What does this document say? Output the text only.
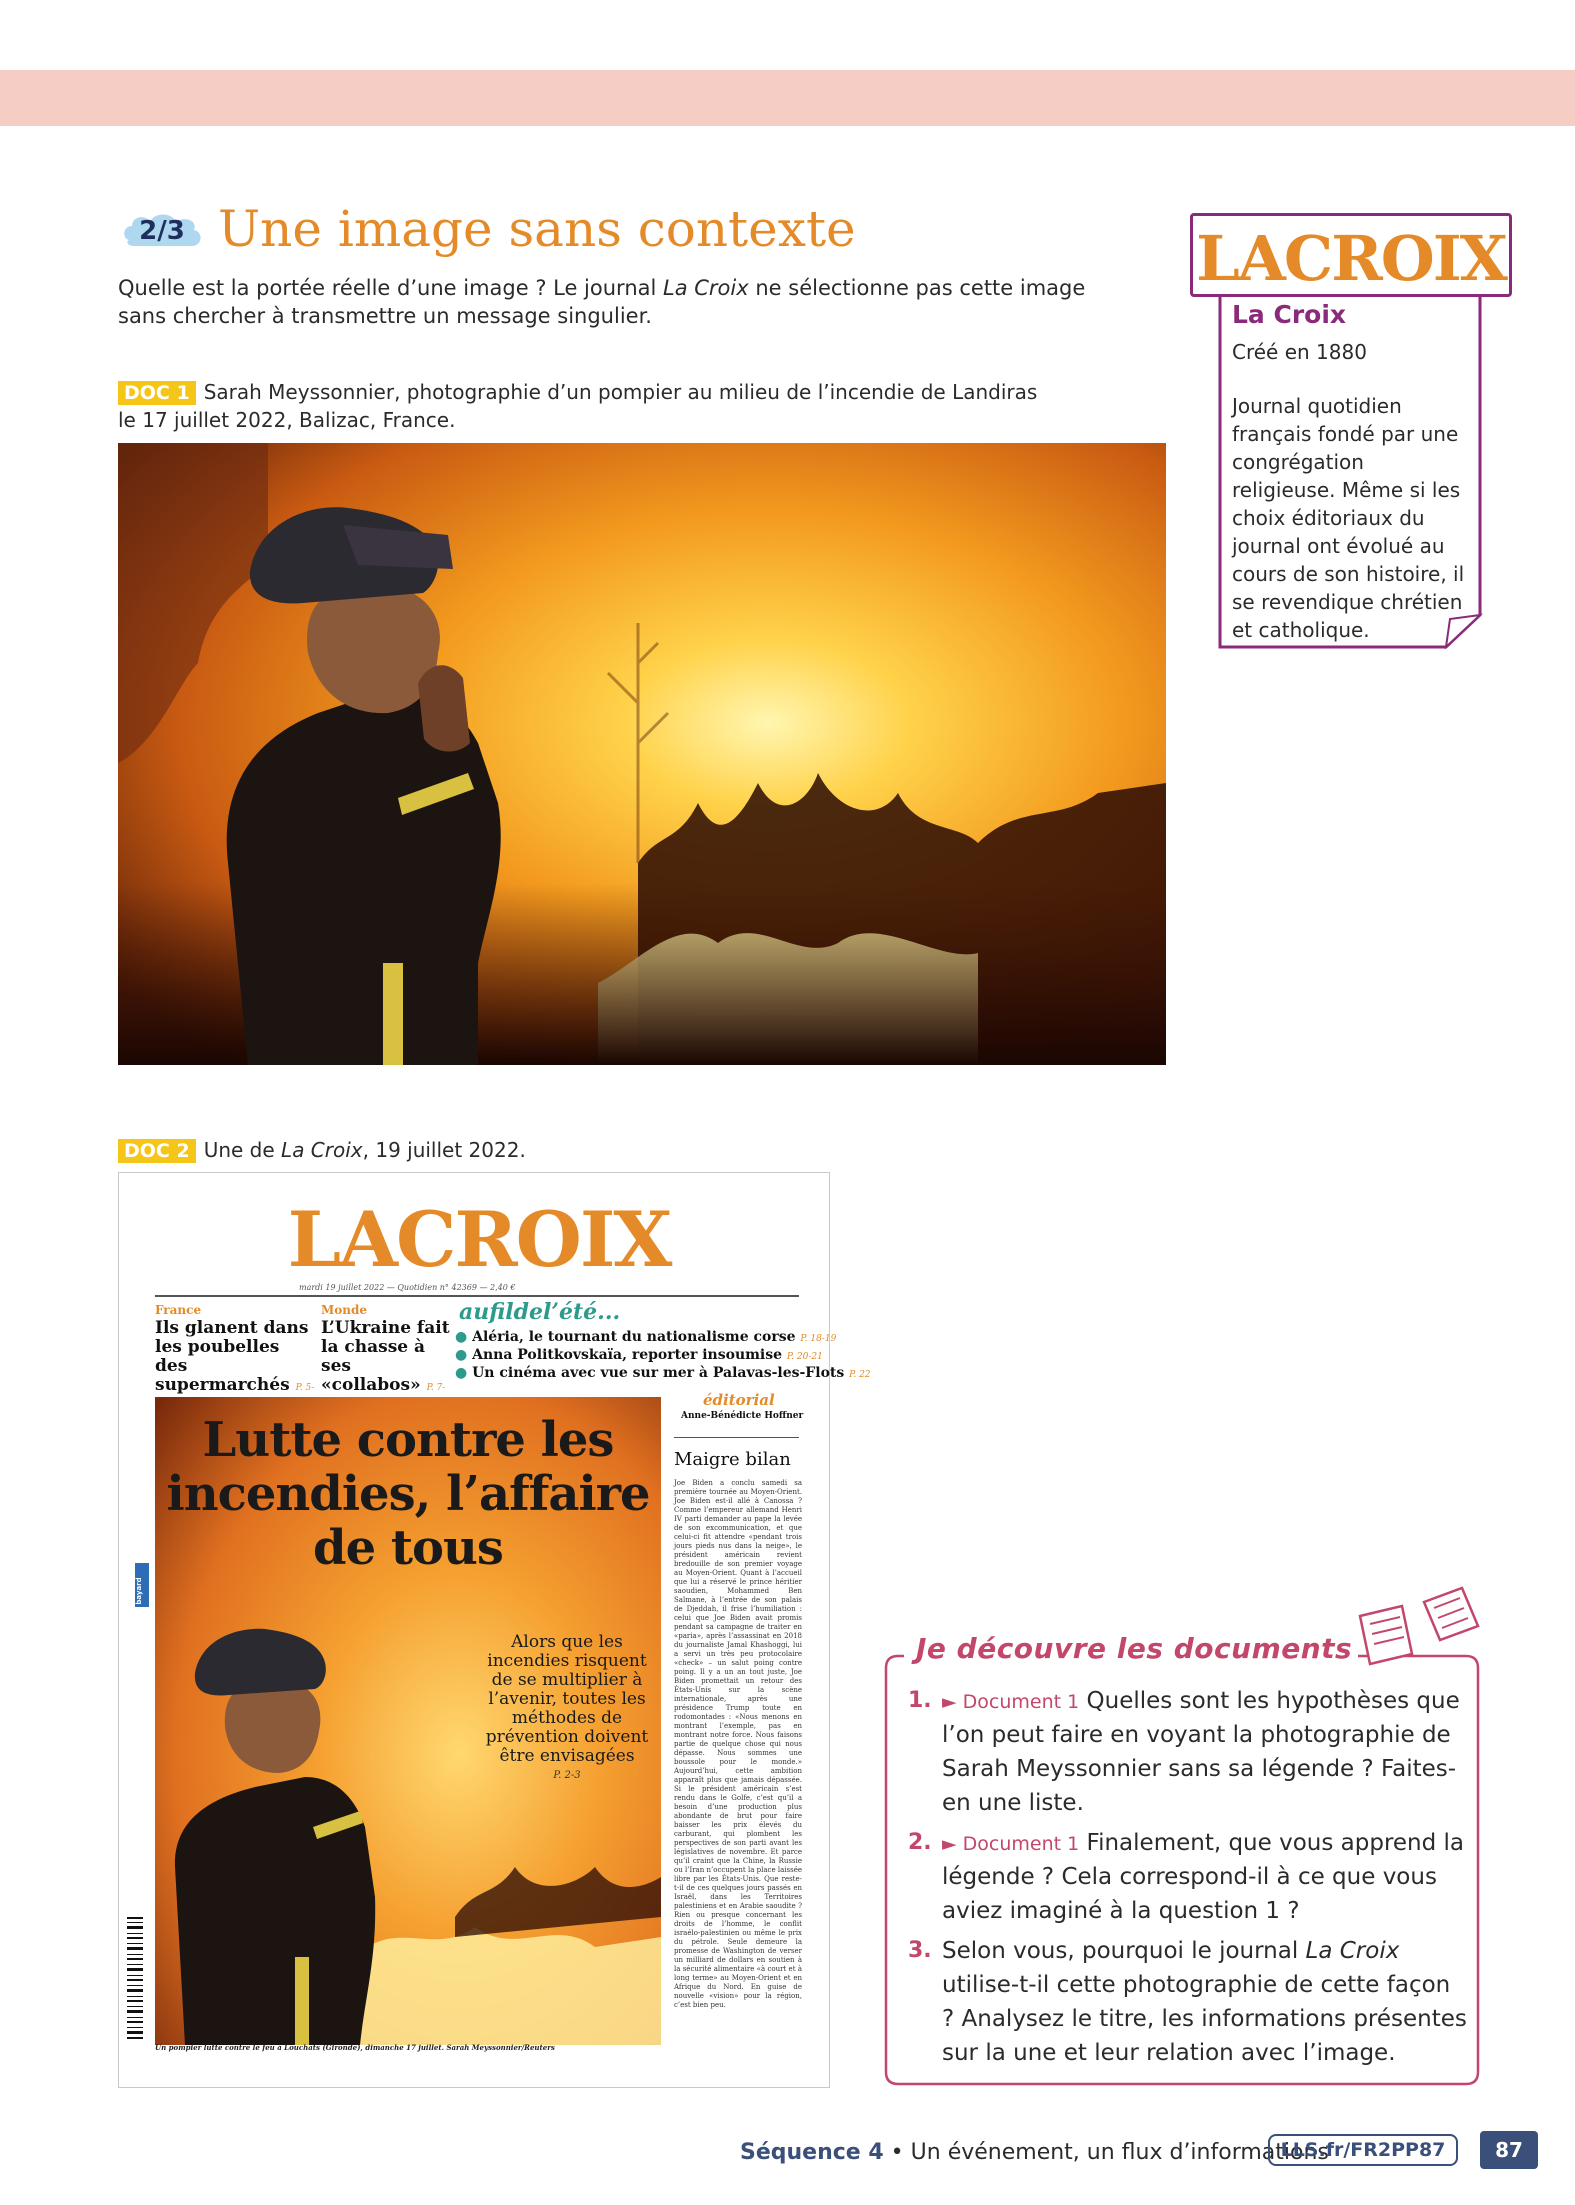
2/3 Une image sans contexte
Quelle est la portée réelle d’une image ? Le journal La Croix ne sélectionne pas cette image sans chercher à transmettre un message singulier.
DOC 1 Sarah Meyssonnier, photographie d’un pompier au milieu de l’incendie de Landiras le 17 juillet 2022, Balizac, France.
LACROIX
La Croix
Créé en 1880
Journal quotidien français fondé par une congrégation religieuse. Même si les choix éditoriaux du journal ont évolué au cours de son histoire, il se revendique chrétien et catholique.
DOC 2 Une de La Croix, 19 juillet 2022.
LACROIX
mardi 19 juillet 2022 — Quotidien n° 42369 — 2,40 €
France
Ils glanent dans les poubelles des supermarchés P. 5-
Monde
L’Ukraine fait la chasse à ses «collabos» P. 7-
aufildel’été...
● Aléria, le tournant du nationalisme corse P. 18-19
● Anna Politkovskaïa, reporter insoumise P. 20-21
● Un cinéma avec vue sur mer à Palavas-les-Flots P. 22
Lutte contre les incendies, l’affaire de tous
Alors que les incendies risquent de se multiplier à l’avenir, toutes les méthodes de prévention doivent être envisagées
P. 2-3
éditorial
Anne-Bénédicte Hoffner
Maigre bilan
Joe Biden a conclu samedi sa première tournée au Moyen-Orient. Joe Biden est-il allé à Canossa ? Comme l’empereur allemand Henri IV parti demander au pape la levée de son excommunication, et que celui-ci fit attendre «pendant trois jours pieds nus dans la neige», le président américain revient bredouille de son premier voyage au Moyen-Orient. Quant à l’accueil que lui a réservé le prince héritier saoudien, Mohammed Ben Salmane, à l’entrée de son palais de Djeddah, il frise l’humiliation : celui que Joe Biden avait promis pendant sa campagne de traiter en «paria», après l’assassinat en 2018 du journaliste Jamal Khashoggi, lui a servi un très peu protocolaire «check» – un salut poing contre poing. Il y a un an tout juste, Joe Biden promettait un retour des États-Unis sur la scène internationale, après une présidence Trump toute en rodomontades : «Nous menons en montrant l’exemple, pas en montrant notre force. Nous faisons partie de quelque chose qui nous dépasse. Nous sommes une boussole pour le monde.» Aujourd’hui, cette ambition apparaît plus que jamais dépassée. Si le président américain s’est rendu dans le Golfe, c’est qu’il a besoin d’une production plus abondante de brut pour faire baisser les prix élevés du carburant, qui plombent les perspectives de son parti avant les législatives de novembre. Et parce qu’il craint que la Chine, la Russie ou l’Iran n’occupent la place laissée libre par les États-Unis. Que reste-t-il de ces quelques jours passés en Israël, dans les Territoires palestiniens et en Arabie saoudite ? Rien ou presque concernant les droits de l’homme, le conflit israélo-palestinien ou même le prix du pétrole. Seule demeure la promesse de Washington de verser un milliard de dollars en soutien à la sécurité alimentaire «à court et à long terme» au Moyen-Orient et en Afrique du Nord. En guise de nouvelle «vision» pour la région, c’est bien peu.
bayard
Un pompier lutte contre le feu à Louchats (Gironde), dimanche 17 juillet. Sarah Meyssonnier/Reuters
Je découvre les documents
1. ► Document 1 Quelles sont les hypothèses que l’on peut faire en voyant la photographie de Sarah Meyssonnier sans sa légende ? Faites-en une liste.
2. ► Document 1 Finalement, que vous apprend la légende ? Cela correspond-il à ce que vous aviez imaginé à la question 1 ?
3. Selon vous, pourquoi le journal La Croix utilise-t-il cette photographie de cette façon ? Analysez le titre, les informations présentes sur la une et leur relation avec l’image.
Séquence 4 • Un événement, un flux d’informations
LLS.fr/FR2PP87	87
